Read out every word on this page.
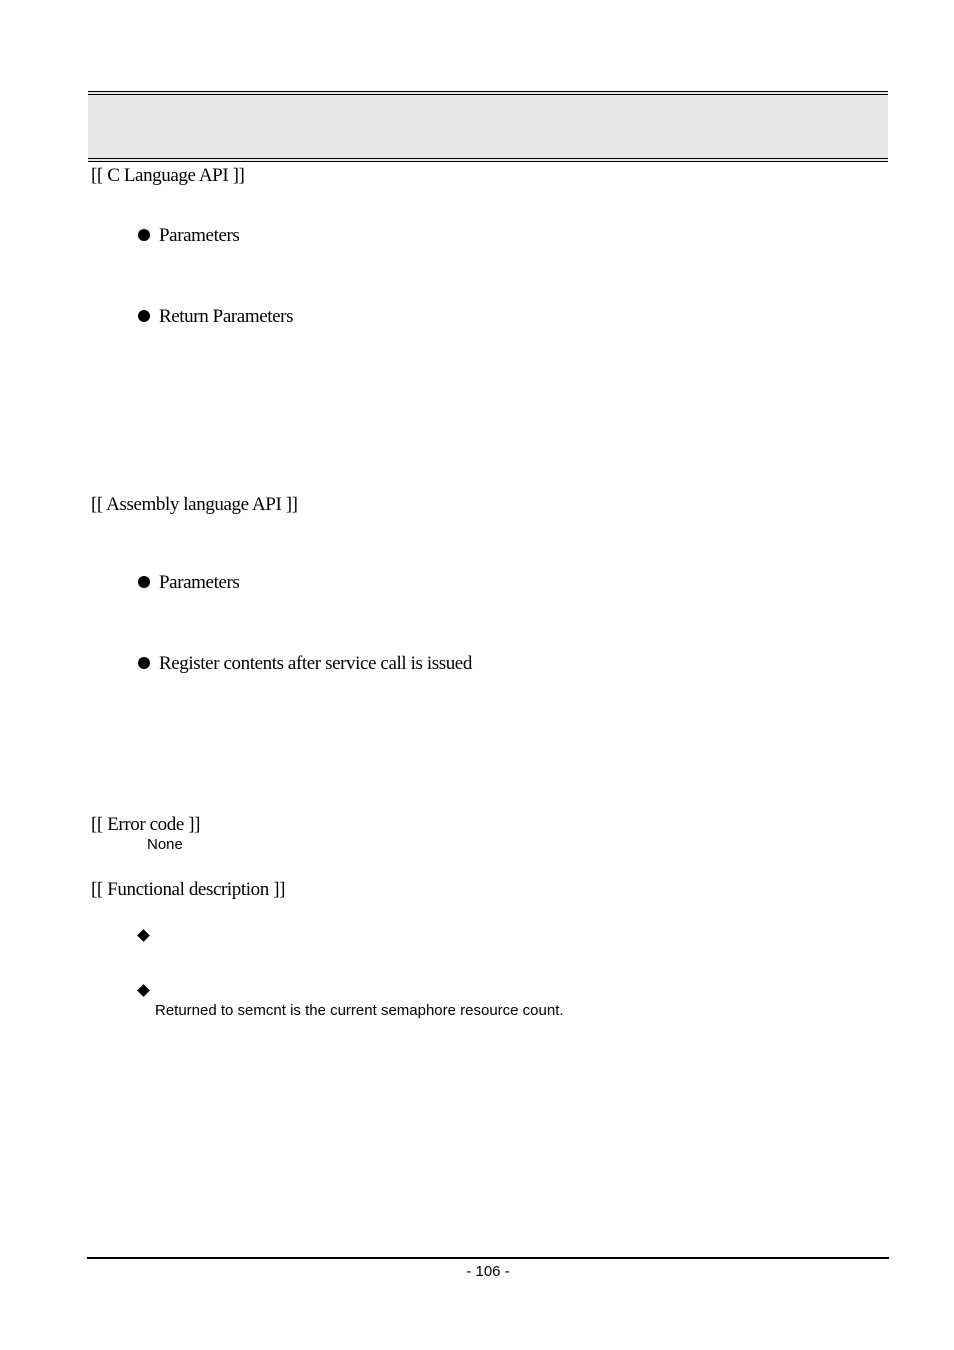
[[ C Language API ]]
Parameters
Return Parameters
[[ Assembly language API ]]
Parameters
Register contents after service call is issued
[[ Error code ]]
None
[[ Functional description ]]
Returned to semcnt is the current semaphore resource count.
- 106 -
